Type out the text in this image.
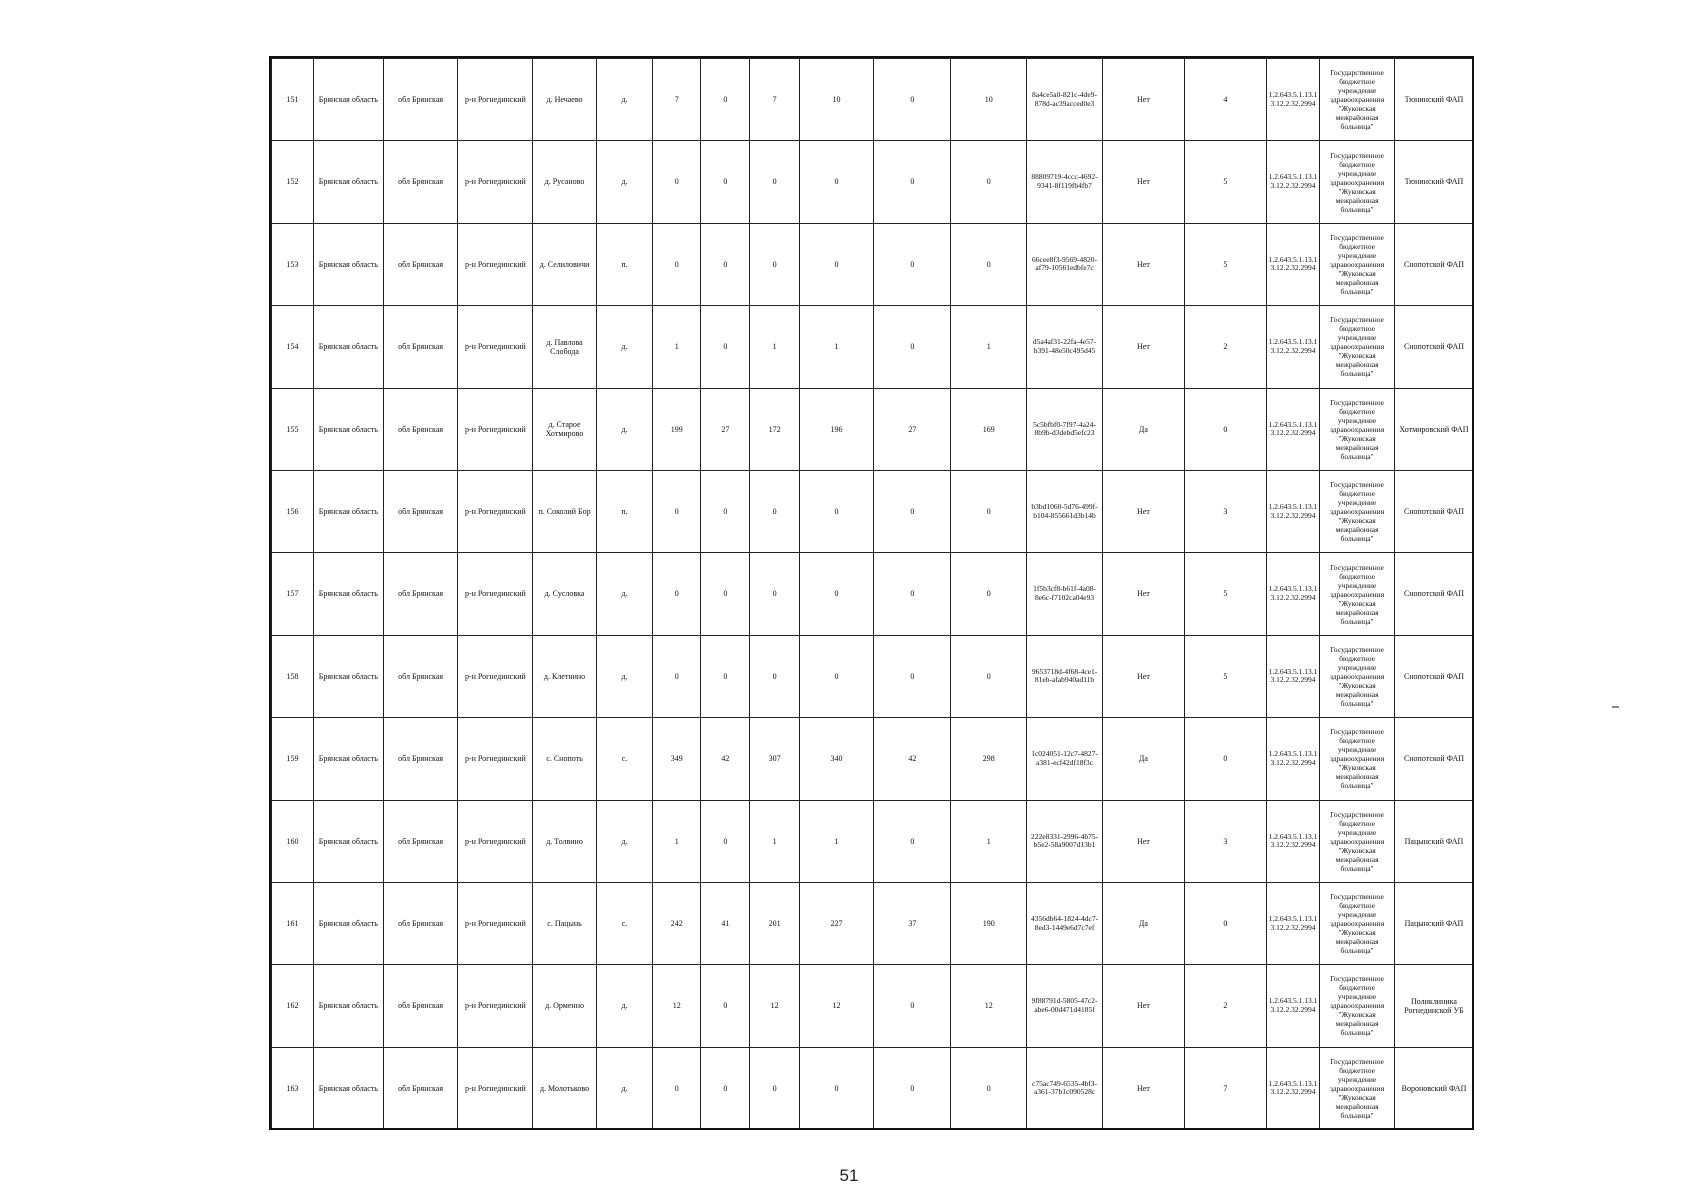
151	Брянская область	обл Брянская	р-н Рогнединский	д. Нечаево	д.	7	0	7	10	0	10	8a4ce5a0-821c-4de9-878d-ac39acced0e3	Нет	4	1.2.643.5.1.13.13.12.2.32.2994	Государственное бюджетное учреждение здравоохранения "Жуковская межрайонная больница"	Тюнинский ФАП
152	Брянская область	обл Брянская	р-н Рогнединский	д. Русаново	д.	0	0	0	0	0	0	88809719-4ccc-4692-9341-8f119fb4fb7	Нет	5	1.2.643.5.1.13.13.12.2.32.2994	Государственное бюджетное учреждение здравоохранения "Жуковская межрайонная больница"	Тюнинский ФАП
153	Брянская область	обл Брянская	р-н Рогнединский	д. Селиловичи	п.	0	0	0	0	0	0	66cee8f3-9569-4820-af79-10561edbfe7c	Нет	5	1.2.643.5.1.13.13.12.2.32.2994	Государственное бюджетное учреждение здравоохранения "Жуковская межрайонная больница"	Снопотской ФАП
154	Брянская область	обл Брянская	р-н Рогнединский	д. Павлова Слобода	д.	1	0	1	1	0	1	d5a4af31-22fa-4e57-b391-48e50c495d45	Нет	2	1.2.643.5.1.13.13.12.2.32.2994	Государственное бюджетное учреждение здравоохранения "Жуковская межрайонная больница"	Снопотской ФАП
155	Брянская область	обл Брянская	р-н Рогнединский	д. Старое Хотмирово	д.	199	27	172	196	27	169	5c5bfbf0-7f97-4a24-8b9b-d3debd5efc23	Да	0	1.2.643.5.1.13.13.12.2.32.2994	Государственное бюджетное учреждение здравоохранения "Жуковская межрайонная больница"	Хотмировский ФАП
156	Брянская область	обл Брянская	р-н Рогнединский	п. Соколий Бор	п.	0	0	0	0	0	0	b3bd1060-5d76-499f-b104-855661d3b14b	Нет	3	1.2.643.5.1.13.13.12.2.32.2994	Государственное бюджетное учреждение здравоохранения "Жуковская межрайонная больница"	Снопотской ФАП
157	Брянская область	обл Брянская	р-н Рогнединский	д. Сусловка	д.	0	0	0	0	0	0	1f5b3cf8-b61f-4a08-8e6c-f7102ca04e93	Нет	5	1.2.643.5.1.13.13.12.2.32.2994	Государственное бюджетное учреждение здравоохранения "Жуковская межрайонная больница"	Снопотской ФАП
158	Брянская область	обл Брянская	р-н Рогнединский	д. Клетнино	д.	0	0	0	0	0	0	9653718d-4f68-4ce1-81eb-afab940ad11b	Нет	5	1.2.643.5.1.13.13.12.2.32.2994	Государственное бюджетное учреждение здравоохранения "Жуковская межрайонная больница"	Снопотской ФАП
159	Брянская область	обл Брянская	р-н Рогнединский	с. Снопоть	с.	349	42	307	340	42	298	1c024051-12c7-4827-a381-ecf42df18f3c	Да	0	1.2.643.5.1.13.13.12.2.32.2994	Государственное бюджетное учреждение здравоохранения "Жуковская межрайонная больница"	Снопотской ФАП
160	Брянская область	обл Брянская	р-н Рогнединский	д. Толвино	д.	1	0	1	1	0	1	222e8331-2996-4b75-b5e2-58a9007d13b1	Нет	3	1.2.643.5.1.13.13.12.2.32.2994	Государственное бюджетное учреждение здравоохранения "Жуковская межрайонная больница"	Пацынский ФАП
161	Брянская область	обл Брянская	р-н Рогнединский	с. Пацынь	с.	242	41	201	227	37	190	4356db64-1824-4dc7-8ed3-1449e6d7c7ef	Да	0	1.2.643.5.1.13.13.12.2.32.2994	Государственное бюджетное учреждение здравоохранения "Жуковская межрайонная больница"	Пацынский ФАП
162	Брянская область	обл Брянская	р-н Рогнединский	д. Орменно	д.	12	0	12	12	0	12	9f88791d-5805-47c2-abe6-00d471d4185f	Нет	2	1.2.643.5.1.13.13.12.2.32.2994	Государственное бюджетное учреждение здравоохранения "Жуковская межрайонная больница"	Поликлиника Рогнединской УБ
163	Брянская область	обл Брянская	р-н Рогнединский	д. Молотьково	д.	0	0	0	0	0	0	c75ac749-6535-4bf3-a361-37b1c090528c	Нет	7	1.2.643.5.1.13.13.12.2.32.2994	Государственное бюджетное учреждение здравоохранения "Жуковская межрайонная больница"	Вороновский ФАП
51
